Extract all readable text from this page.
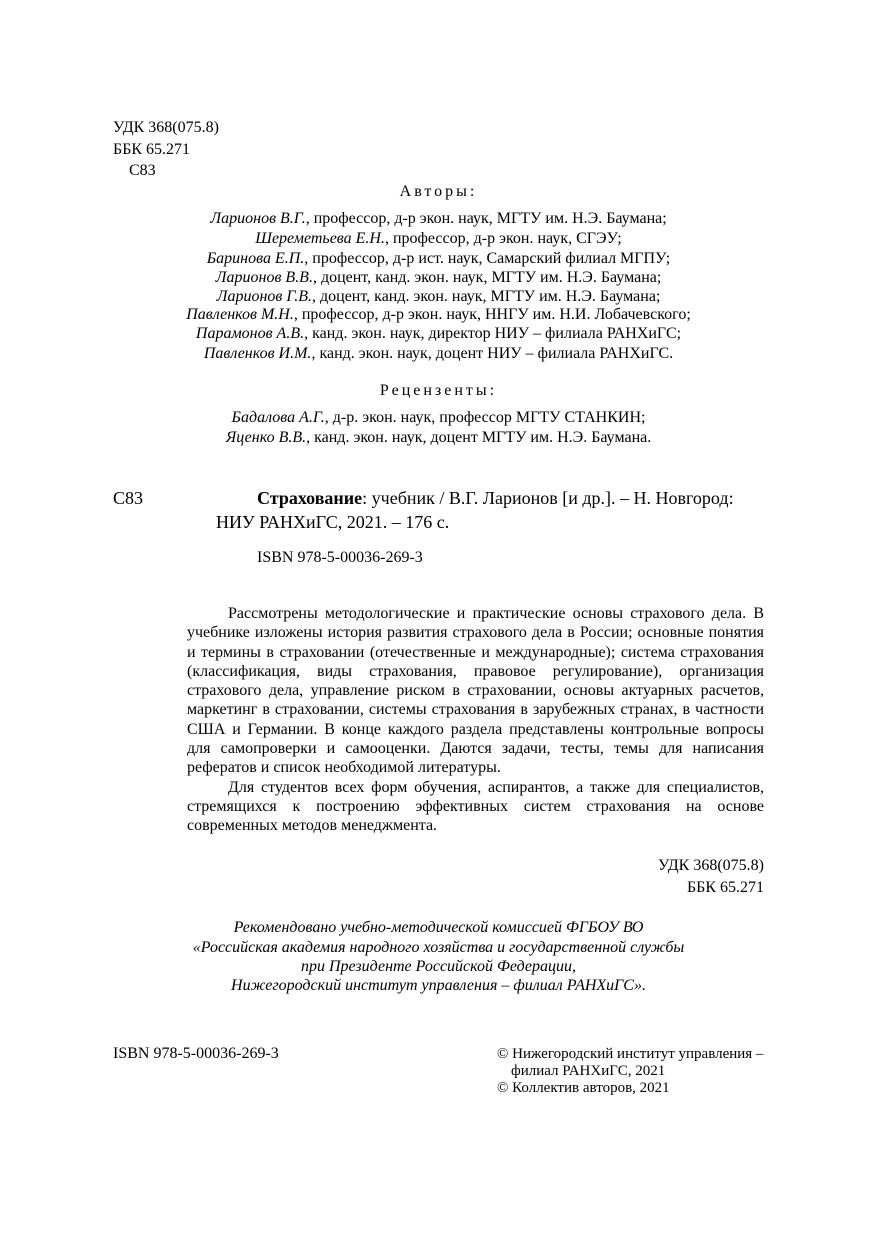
УДК 368(075.8)
ББК 65.271
С83
Авторы:
Ларионов В.Г., профессор, д-р экон. наук, МГТУ им. Н.Э. Баумана;
Шереметьева Е.Н., профессор, д-р экон. наук, СГЭУ;
Баринова Е.П., профессор, д-р ист. наук, Самарский филиал МГПУ;
Ларионов В.В., доцент, канд. экон. наук, МГТУ им. Н.Э. Баумана;
Ларионов Г.В., доцент, канд. экон. наук, МГТУ им. Н.Э. Баумана;
Павленков М.Н., профессор, д-р экон. наук, ННГУ им. Н.И. Лобачевского;
Парамонов А.В., канд. экон. наук, директор НИУ – филиала РАНХиГС;
Павленков И.М., канд. экон. наук, доцент НИУ – филиала РАНХиГС.
Рецензенты:
Бадалова А.Г., д-р. экон. наук, профессор МГТУ СТАНКИН;
Яценко В.В., канд. экон. наук, доцент МГТУ им. Н.Э. Баумана.
С83	Страхование: учебник / В.Г. Ларионов [и др.]. – Н. Новгород:
НИУ РАНХиГС, 2021. – 176 с.
ISBN 978-5-00036-269-3

Рассмотрены методологические и практические основы страхового дела. В учебнике изложены история развития страхового дела в России; основные понятия и термины в страховании (отечественные и международные); система страхования (классификация, виды страхования, правовое регулирование), организация страхового дела, управление риском в страховании, основы актуарных расчетов, маркетинг в страховании, системы страхования в зарубежных странах, в частности США и Германии. В конце каждого раздела представлены контрольные вопросы для самопроверки и самооценки. Даются задачи, тесты, темы для написания рефератов и список необходимой литературы.

Для студентов всех форм обучения, аспирантов, а также для специалистов, стремящихся к построению эффективных систем страхования на основе современных методов менеджмента.

УДК 368(075.8)
ББК 65.271
Рекомендовано учебно-методической комиссией ФГБОУ ВО
«Российская академия народного хозяйства и государственной службы
при Президенте Российской Федерации,
Нижегородский институт управления – филиал РАНХиГС».
ISBN 978-5-00036-269-3	© Нижегородский институт управления –
филиал РАНХиГС, 2021
© Коллектив авторов, 2021
